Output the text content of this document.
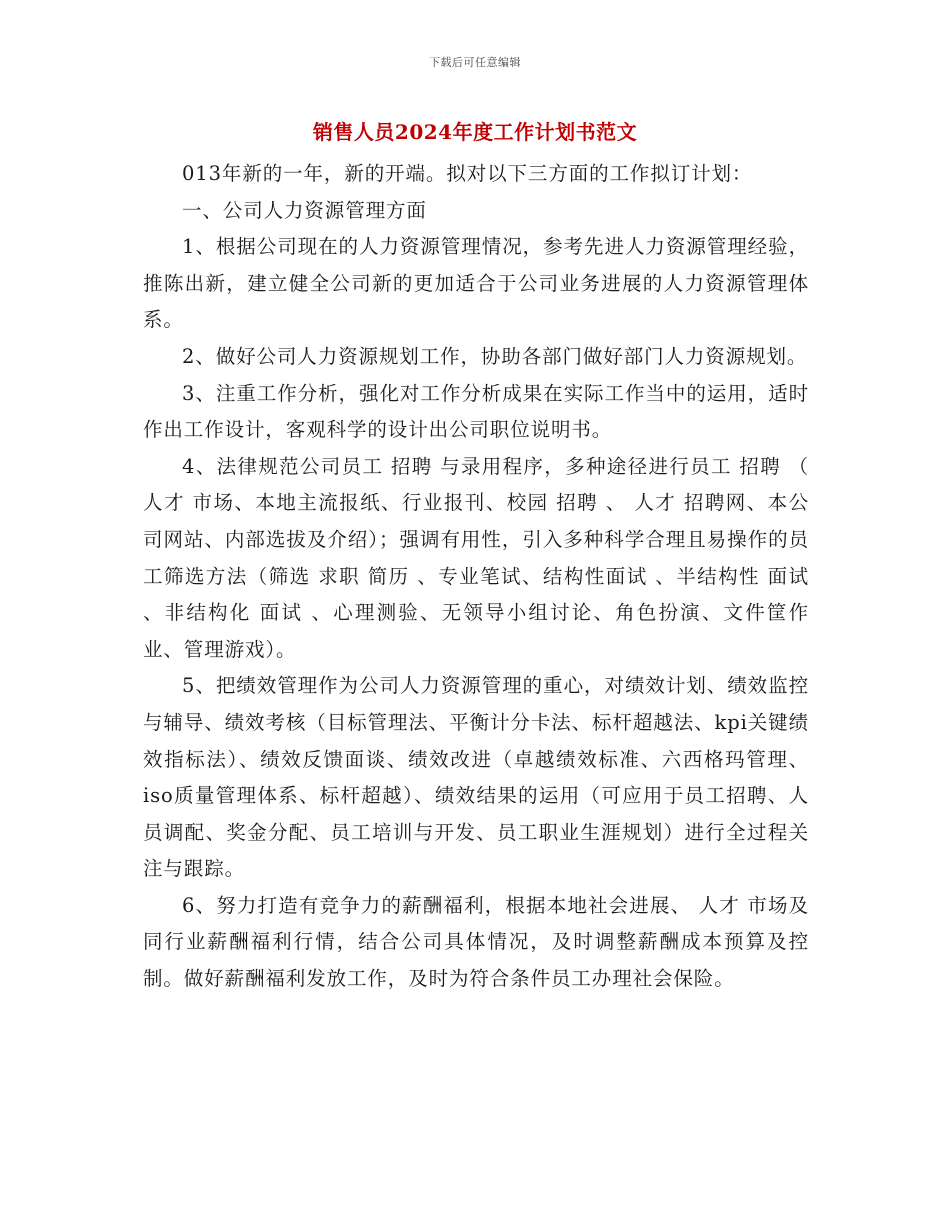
下载后可任意编辑
销售人员2024年度工作计划书范文

013年新的一年，新的开端。拟对以下三方面的工作拟订计划：

一、公司人力资源管理方面

1、根据公司现在的人力资源管理情况，参考先进人力资源管理经验，推陈出新，建立健全公司新的更加适合于公司业务进展的人力资源管理体系。

2、做好公司人力资源规划工作，协助各部门做好部门人力资源规划。

3、注重工作分析，强化对工作分析成果在实际工作当中的运用，适时作出工作设计，客观科学的设计出公司职位说明书。

4、法律规范公司员工 招聘 与录用程序，多种途径进行员工 招聘 （ 人才 市场、本地主流报纸、行业报刊、校园 招聘 、 人才 招聘网、本公司网站、内部选拔及介绍）；强调有用性，引入多种科学合理且易操作的员工筛选方法（筛选 求职 简历 、专业笔试、结构性面试 、半结构性 面试 、非结构化 面试 、心理测验、无领导小组讨论、角色扮演、文件筐作业、管理游戏）。

5、把绩效管理作为公司人力资源管理的重心，对绩效计划、绩效监控与辅导、绩效考核（目标管理法、平衡计分卡法、标杆超越法、kpi关键绩效指标法）、绩效反馈面谈、绩效改进（卓越绩效标准、六西格玛管理、iso质量管理体系、标杆超越）、绩效结果的运用（可应用于员工招聘、人员调配、奖金分配、员工培训与开发、员工职业生涯规划）进行全过程关注与跟踪。

6、努力打造有竞争力的薪酬福利，根据本地社会进展、 人才 市场及同行业薪酬福利行情，结合公司具体情况，及时调整薪酬成本预算及控制。做好薪酬福利发放工作，及时为符合条件员工办理社会保险。
